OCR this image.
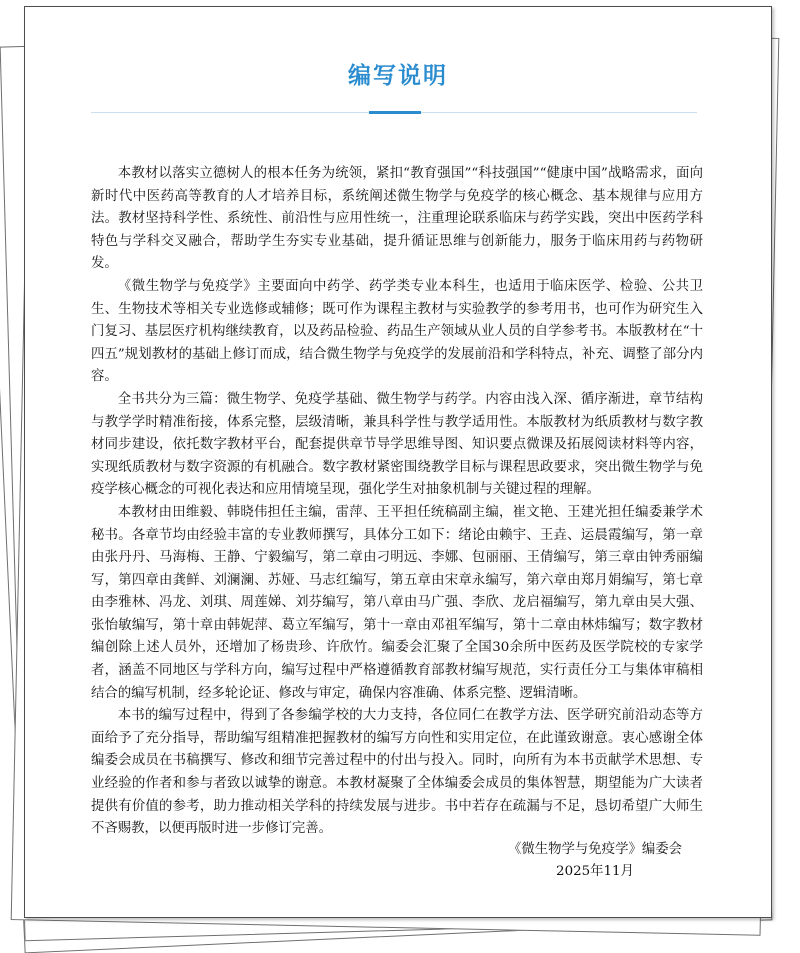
编写说明

本教材以落实立德树人的根本任务为统领，紧扣“教育强国”“科技强国”“健康中国”战略需求，面向新时代中医药高等教育的人才培养目标，系统阐述微生物学与免疫学的核心概念、基本规律与应用方法。教材坚持科学性、系统性、前沿性与应用性统一，注重理论联系临床与药学实践，突出中医药学科特色与学科交叉融合，帮助学生夯实专业基础，提升循证思维与创新能力，服务于临床用药与药物研发。

《微生物学与免疫学》主要面向中药学、药学类专业本科生，也适用于临床医学、检验、公共卫生、生物技术等相关专业选修或辅修；既可作为课程主教材与实验教学的参考用书，也可作为研究生入门复习、基层医疗机构继续教育，以及药品检验、药品生产领域从业人员的自学参考书。本版教材在“十四五”规划教材的基础上修订而成，结合微生物学与免疫学的发展前沿和学科特点，补充、调整了部分内容。

全书共分为三篇：微生物学、免疫学基础、微生物学与药学。内容由浅入深、循序渐进，章节结构与教学学时精准衔接，体系完整，层级清晰，兼具科学性与教学适用性。本版教材为纸质教材与数字教材同步建设，依托数字教材平台，配套提供章节导学思维导图、知识要点微课及拓展阅读材料等内容，实现纸质教材与数字资源的有机融合。数字教材紧密围绕教学目标与课程思政要求，突出微生物学与免疫学核心概念的可视化表达和应用情境呈现，强化学生对抽象机制与关键过程的理解。

本教材由田维毅、韩晓伟担任主编，雷萍、王平担任统稿副主编，崔文艳、王建光担任编委兼学术秘书。各章节均由经验丰富的专业教师撰写，具体分工如下：绪论由赖宇、王垚、运晨霞编写，第一章由张丹丹、马海梅、王静、宁毅编写，第二章由刁明远、李娜、包丽丽、王倩编写，第三章由钟秀丽编写，第四章由龚鲜、刘澜澜、苏娅、马志红编写，第五章由宋章永编写，第六章由郑月娟编写，第七章由李雅林、冯龙、刘琪、周莲娣、刘芬编写，第八章由马广强、李欣、龙启福编写，第九章由吴大强、张怡敏编写，第十章由韩妮萍、葛立军编写，第十一章由邓祖军编写，第十二章由林炜编写；数字教材编创除上述人员外，还增加了杨贵珍、许欣竹。编委会汇聚了全国30余所中医药及医学院校的专家学者，涵盖不同地区与学科方向，编写过程中严格遵循教育部教材编写规范，实行责任分工与集体审稿相结合的编写机制，经多轮论证、修改与审定，确保内容准确、体系完整、逻辑清晰。

本书的编写过程中，得到了各参编学校的大力支持，各位同仁在教学方法、医学研究前沿动态等方面给予了充分指导，帮助编写组精准把握教材的编写方向性和实用定位，在此谨致谢意。衷心感谢全体编委会成员在书稿撰写、修改和细节完善过程中的付出与投入。同时，向所有为本书贡献学术思想、专业经验的作者和参与者致以诚挚的谢意。本教材凝聚了全体编委会成员的集体智慧，期望能为广大读者提供有价值的参考，助力推动相关学科的持续发展与进步。书中若存在疏漏与不足，恳切希望广大师生不吝赐教，以便再版时进一步修订完善。

《微生物学与免疫学》编委会
2025年11月
